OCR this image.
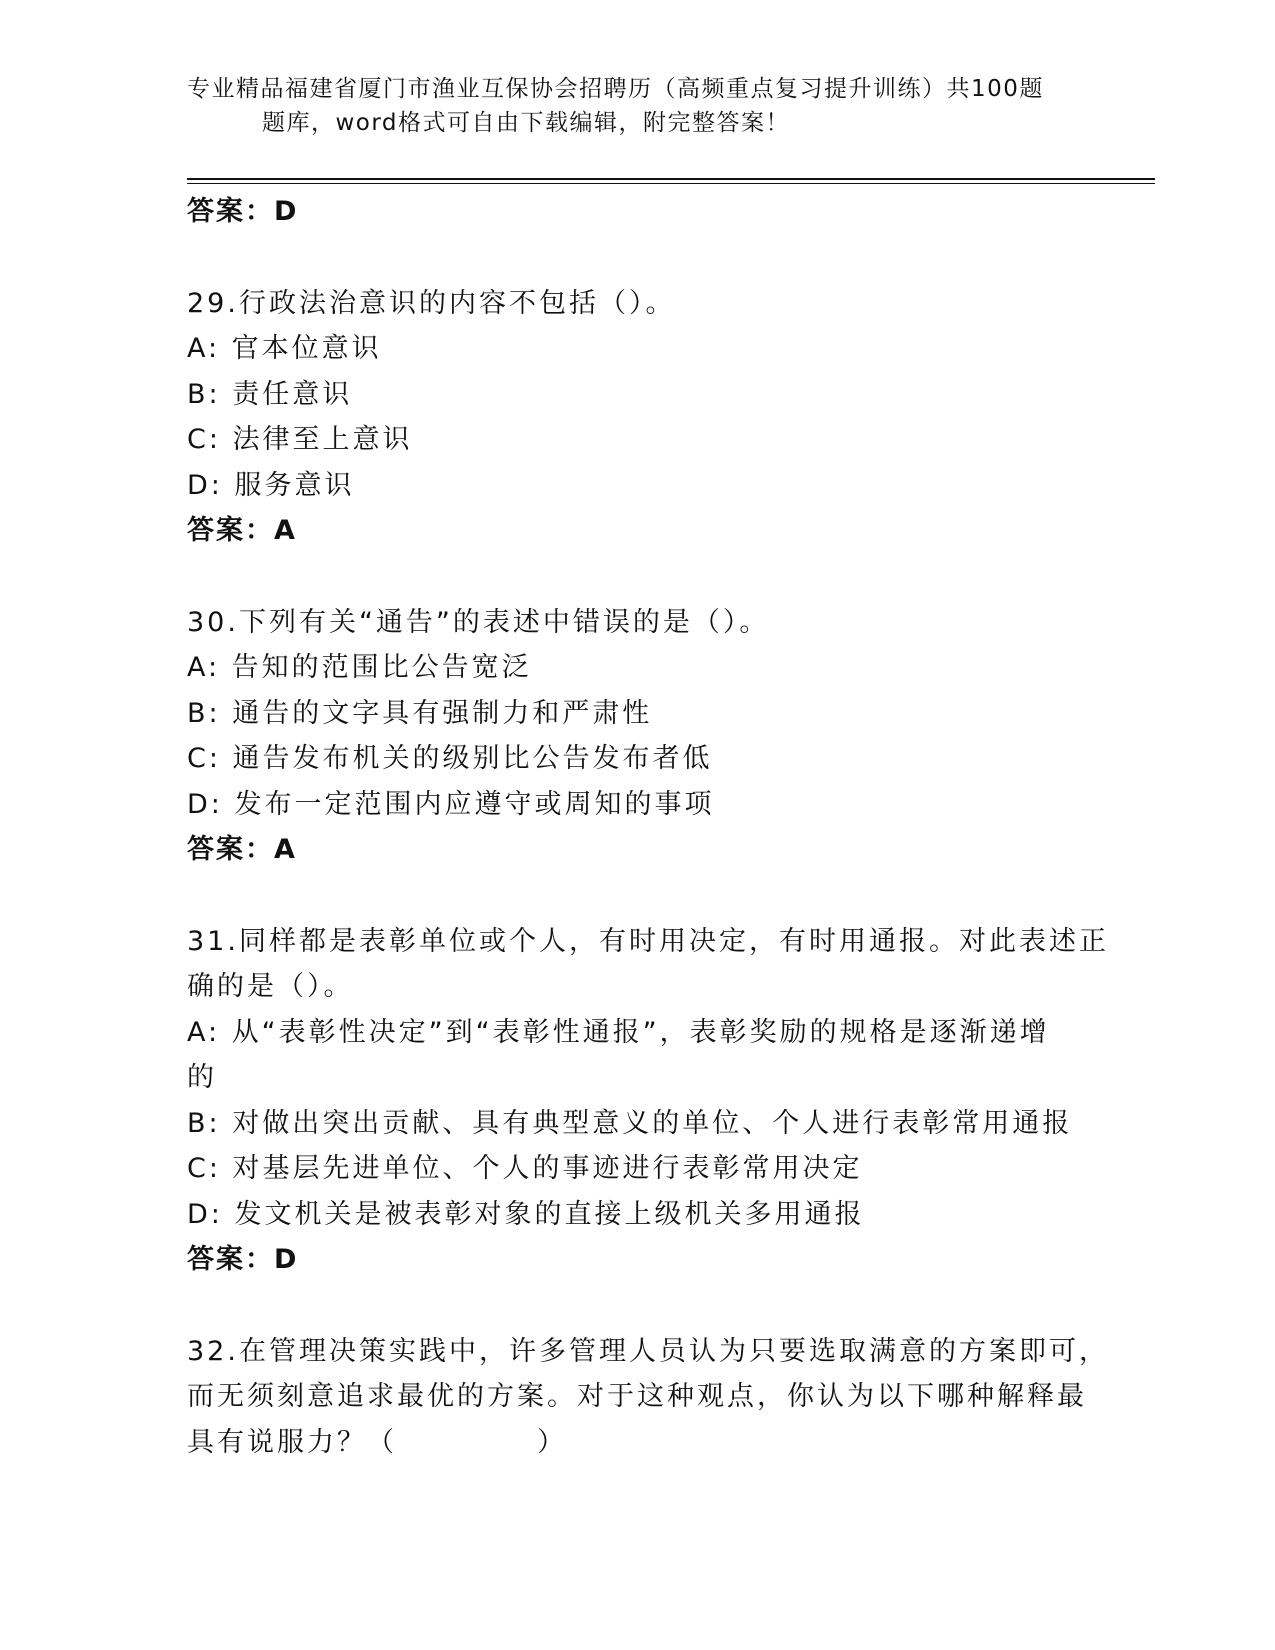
专业精品福建省厦门市渔业互保协会招聘历（高频重点复习提升训练）共100题
题库，word格式可自由下载编辑，附完整答案！
答案：D
29.行政法治意识的内容不包括（）。
A: 官本位意识
B: 责任意识
C: 法律至上意识
D: 服务意识
答案：A
30.下列有关“通告”的表述中错误的是（）。
A: 告知的范围比公告宽泛
B: 通告的文字具有强制力和严肃性
C: 通告发布机关的级别比公告发布者低
D: 发布一定范围内应遵守或周知的事项
答案：A
31.同样都是表彰单位或个人，有时用决定，有时用通报。对此表述正
确的是（）。
A: 从“表彰性决定”到“表彰性通报”，表彰奖励的规格是逐渐递增
的
B: 对做出突出贡献、具有典型意义的单位、个人进行表彰常用通报
C: 对基层先进单位、个人的事迹进行表彰常用决定
D: 发文机关是被表彰对象的直接上级机关多用通报
答案：D
32.在管理决策实践中，许多管理人员认为只要选取满意的方案即可，
而无须刻意追求最优的方案。对于这种观点，你认为以下哪种解释最
具有说服力？（	）
